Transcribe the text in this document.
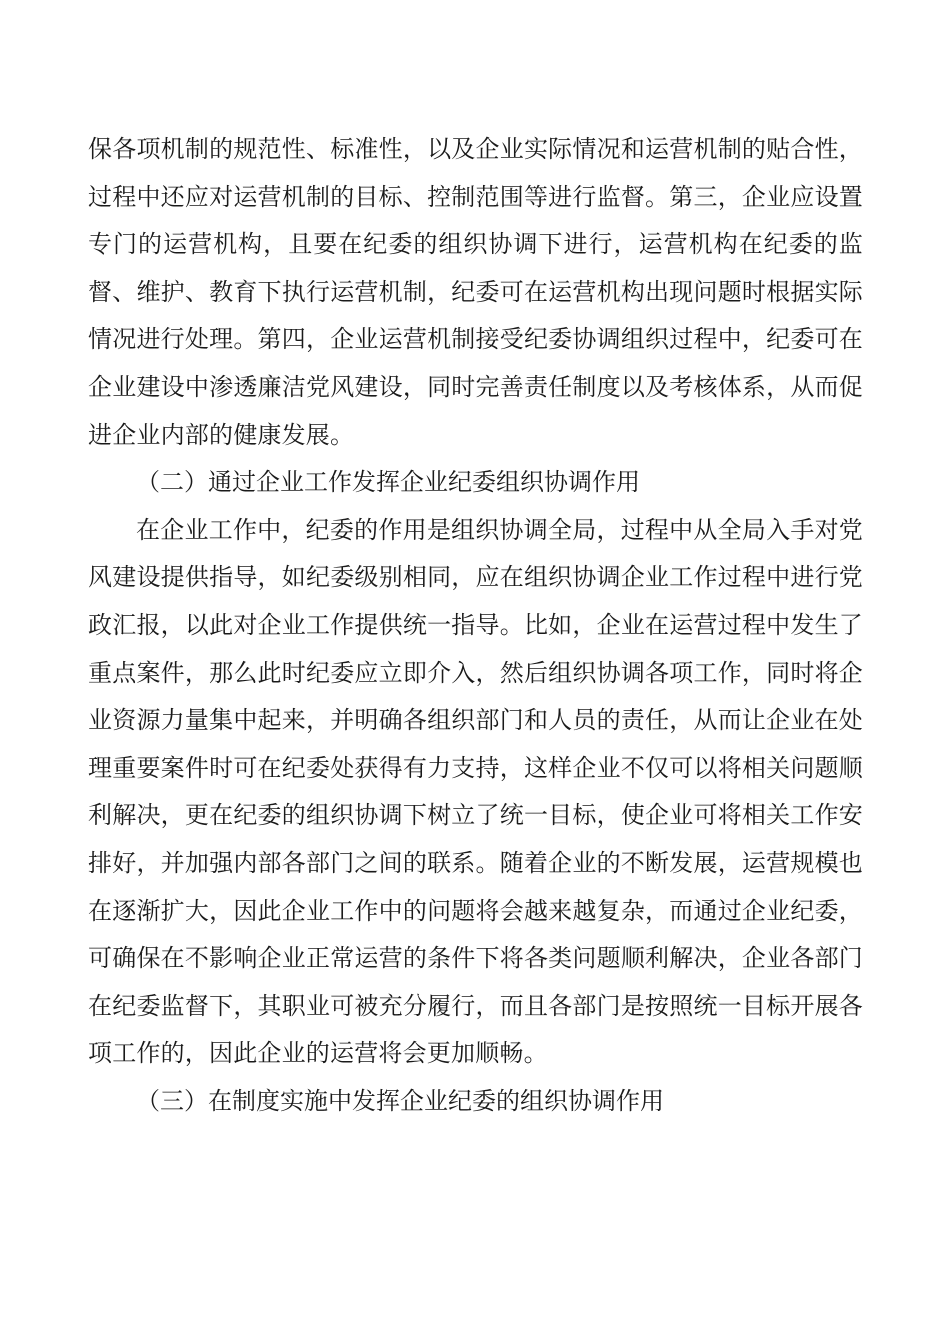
保各项机制的规范性、标准性，以及企业实际情况和运营机制的贴合性，过程中还应对运营机制的目标、控制范围等进行监督。第三，企业应设置专门的运营机构，且要在纪委的组织协调下进行，运营机构在纪委的监督、维护、教育下执行运营机制，纪委可在运营机构出现问题时根据实际情况进行处理。第四，企业运营机制接受纪委协调组织过程中，纪委可在企业建设中渗透廉洁党风建设，同时完善责任制度以及考核体系，从而促进企业内部的健康发展。

（二）通过企业工作发挥企业纪委组织协调作用

在企业工作中，纪委的作用是组织协调全局，过程中从全局入手对党风建设提供指导，如纪委级别相同，应在组织协调企业工作过程中进行党政汇报，以此对企业工作提供统一指导。比如，企业在运营过程中发生了重点案件，那么此时纪委应立即介入，然后组织协调各项工作，同时将企业资源力量集中起来，并明确各组织部门和人员的责任，从而让企业在处理重要案件时可在纪委处获得有力支持，这样企业不仅可以将相关问题顺利解决，更在纪委的组织协调下树立了统一目标，使企业可将相关工作安排好，并加强内部各部门之间的联系。随着企业的不断发展，运营规模也在逐渐扩大，因此企业工作中的问题将会越来越复杂，而通过企业纪委，可确保在不影响企业正常运营的条件下将各类问题顺利解决，企业各部门在纪委监督下，其职业可被充分履行，而且各部门是按照统一目标开展各项工作的，因此企业的运营将会更加顺畅。

（三）在制度实施中发挥企业纪委的组织协调作用
